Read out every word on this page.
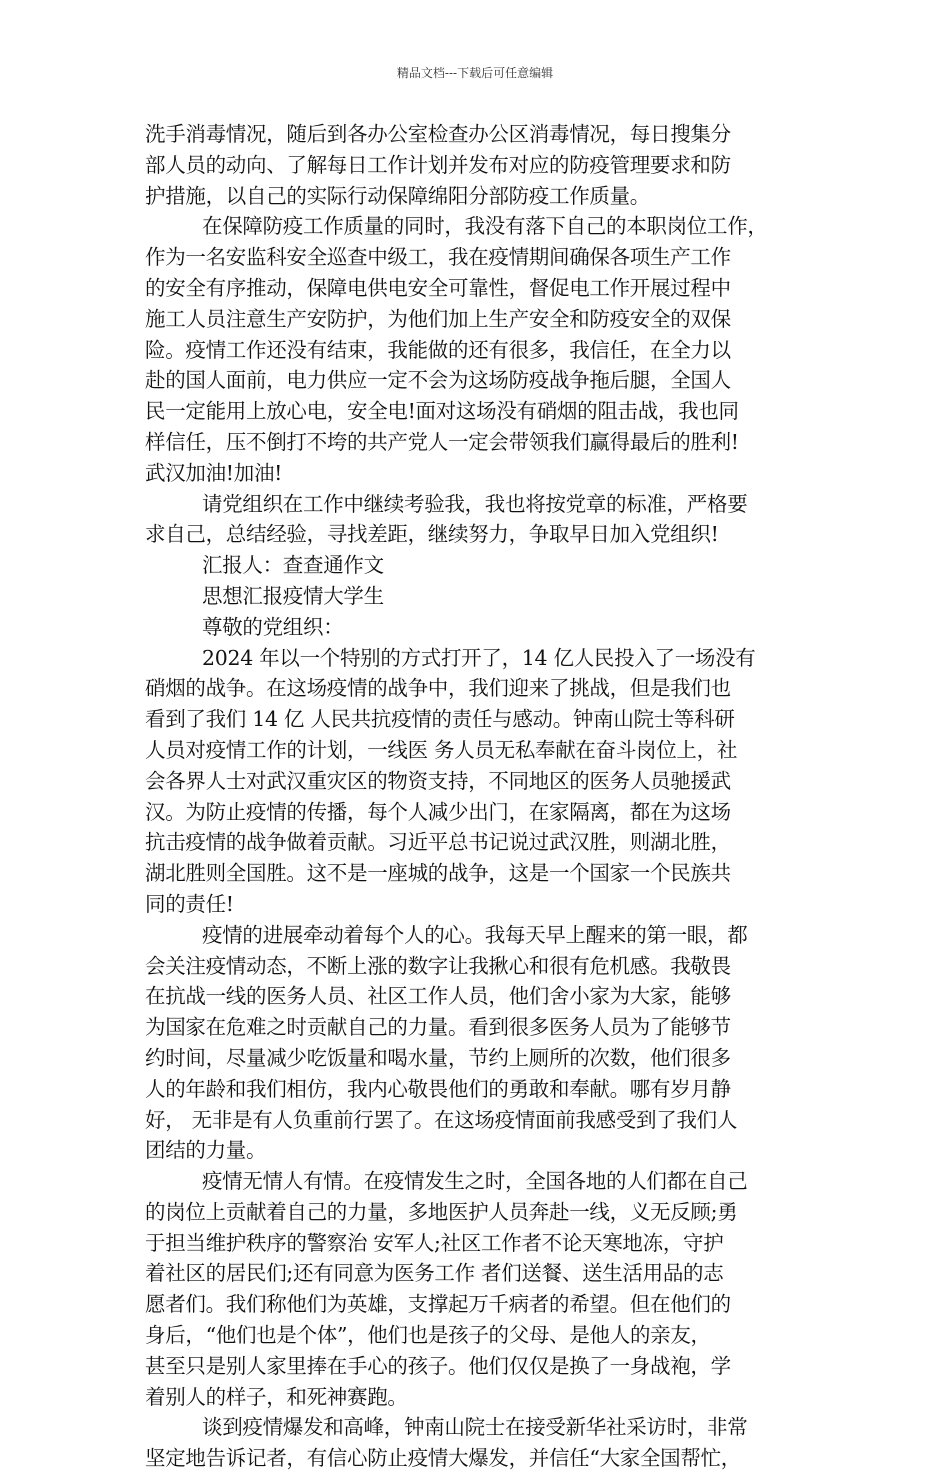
精品文档---下载后可任意编辑
洗手消毒情况，随后到各办公室检查办公区消毒情况，每日搜集分
部人员的动向、了解每日工作计划并发布对应的防疫管理要求和防
护措施，以自己的实际行动保障绵阳分部防疫工作质量。
在保障防疫工作质量的同时，我没有落下自己的本职岗位工作，
作为一名安监科安全巡查中级工，我在疫情期间确保各项生产工作
的安全有序推动，保障电供电安全可靠性，督促电工作开展过程中
施工人员注意生产安防护，为他们加上生产安全和防疫安全的双保
险。疫情工作还没有结束，我能做的还有很多，我信任，在全力以
赴的国人面前，电力供应一定不会为这场防疫战争拖后腿，全国人
民一定能用上放心电，安全电!面对这场没有硝烟的阻击战，我也同
样信任，压不倒打不垮的共产党人一定会带领我们赢得最后的胜利!
武汉加油!加油!
请党组织在工作中继续考验我，我也将按党章的标准，严格要
求自己，总结经验，寻找差距，继续努力，争取早日加入党组织!
汇报人：查查通作文
思想汇报疫情大学生
尊敬的党组织：
2024 年以一个特别的方式打开了，14 亿人民投入了一场没有
硝烟的战争。在这场疫情的战争中，我们迎来了挑战，但是我们也
看到了我们 14 亿 人民共抗疫情的责任与感动。钟南山院士等科研
人员对疫情工作的计划，一线医 务人员无私奉献在奋斗岗位上，社
会各界人士对武汉重灾区的物资支持，不同地区的医务人员驰援武
汉。为防止疫情的传播，每个人减少出门，在家隔离，都在为这场
抗击疫情的战争做着贡献。习近平总书记说过武汉胜，则湖北胜，
湖北胜则全国胜。这不是一座城的战争，这是一个国家一个民族共
同的责任!
疫情的进展牵动着每个人的心。我每天早上醒来的第一眼，都
会关注疫情动态，不断上涨的数字让我揪心和很有危机感。我敬畏
在抗战一线的医务人员、社区工作人员，他们舍小家为大家，能够
为国家在危难之时贡献自己的力量。看到很多医务人员为了能够节
约时间，尽量减少吃饭量和喝水量，节约上厕所的次数，他们很多
人的年龄和我们相仿，我内心敬畏他们的勇敢和奉献。哪有岁月静
好， 无非是有人负重前行罢了。在这场疫情面前我感受到了我们人
团结的力量。
疫情无情人有情。在疫情发生之时，全国各地的人们都在自己
的岗位上贡献着自己的力量，多地医护人员奔赴一线，义无反顾;勇
于担当维护秩序的警察治 安军人;社区工作者不论天寒地冻，守护
着社区的居民们;还有同意为医务工作 者们送餐、送生活用品的志
愿者们。我们称他们为英雄，支撑起万千病者的希望。但在他们的
身后，“他们也是个体”，他们也是孩子的父母、是他人的亲友，
甚至只是别人家里捧在手心的孩子。他们仅仅是换了一身战袍，学
着别人的样子，和死神赛跑。
谈到疫情爆发和高峰，钟南山院士在接受新华社采访时，非常
坚定地告诉记者，有信心防止疫情大爆发，并信任“大家全国帮忙，
